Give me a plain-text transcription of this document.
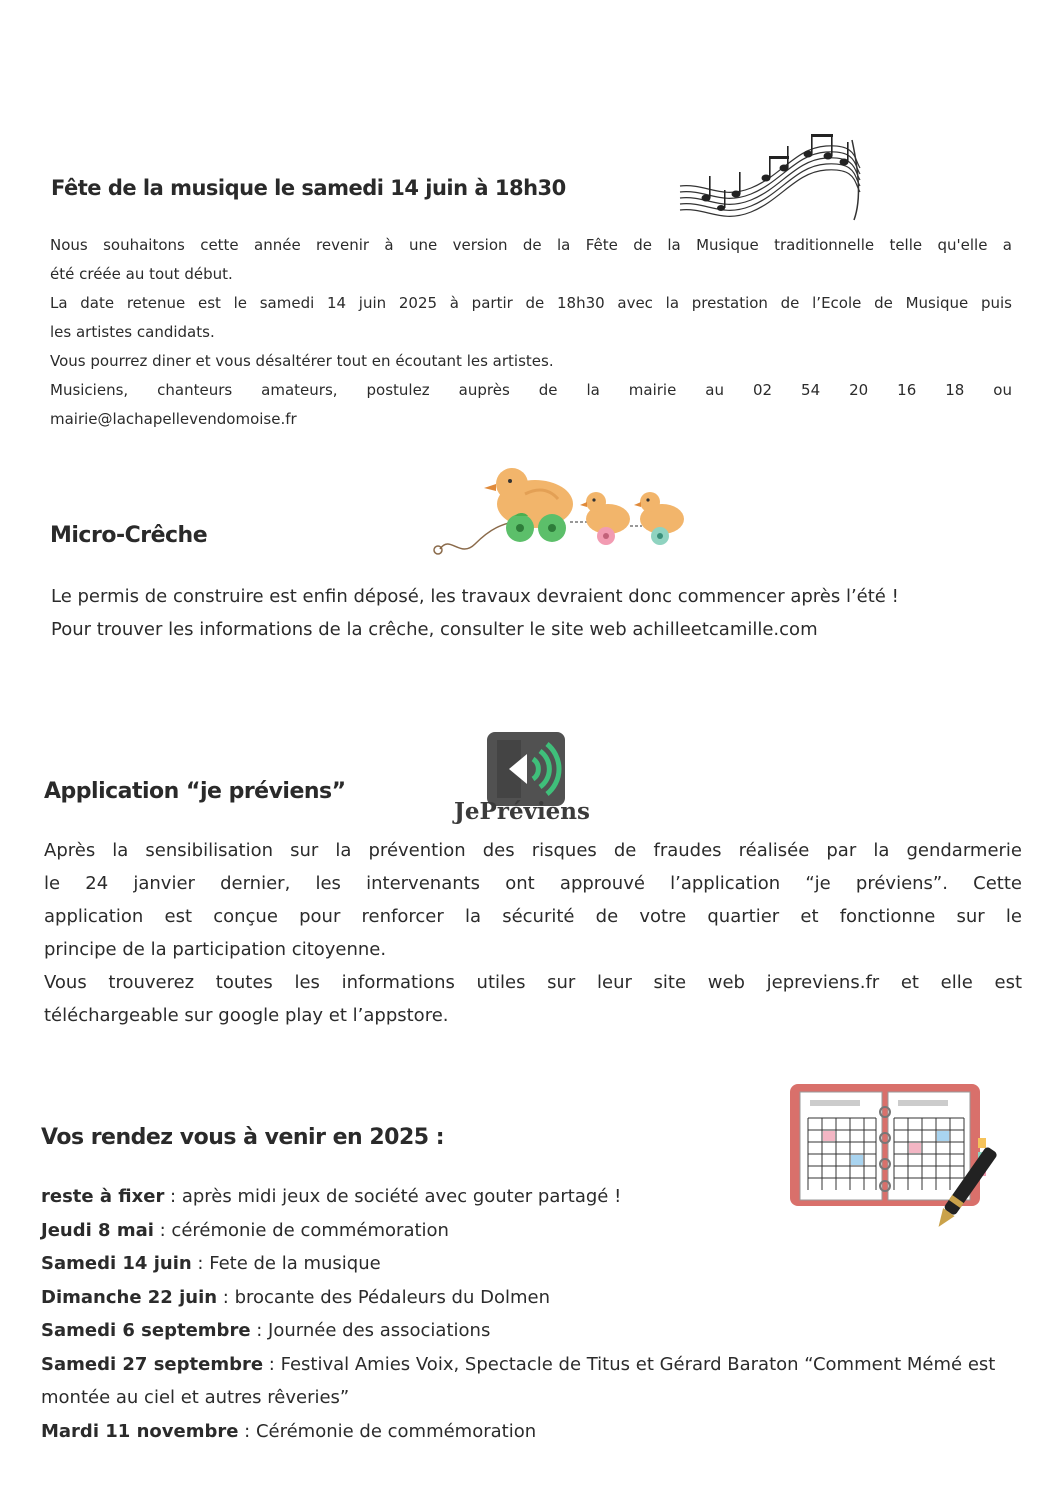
Fête de la musique le samedi 14 juin à 18h30
Nous souhaitons cette année revenir à une version de la Fête de la Musique traditionnelle telle qu'elle a
été créée au tout début.
La date retenue est le samedi 14 juin 2025 à partir de 18h30 avec la prestation de l’Ecole de Musique puis
les artistes candidats.
Vous pourrez diner et vous désaltérer tout en écoutant les artistes.
Musiciens, chanteurs amateurs, postulez auprès de la mairie au 02 54 20 16 18 ou
mairie@lachapellevendomoise.fr
Micro-Crêche

Le permis de construire est enfin déposé, les travaux devraient donc commencer après l’été !

Pour trouver les informations de la crêche, consulter le site web achilleetcamille.com

JePréviens
Application “je préviens”
Après la sensibilisation sur la prévention des risques de fraudes réalisée par la gendarmerie
le 24 janvier dernier, les intervenants ont approuvé l’application “je préviens”. Cette
application est conçue pour renforcer la sécurité de votre quartier et fonctionne sur le
principe de la participation citoyenne.
Vous trouverez toutes les informations utiles sur leur site web jepreviens.fr et elle est
téléchargeable sur google play et l’appstore.
Vos rendez vous à venir en 2025 :
reste à fixer : après midi jeux de société avec gouter partagé !
Jeudi 8 mai : cérémonie de commémoration
Samedi 14 juin : Fete de la musique
Dimanche 22 juin : brocante des Pédaleurs du Dolmen
Samedi 6 septembre : Journée des associations
Samedi 27 septembre : Festival Amies Voix, Spectacle de Titus et Gérard Baraton “Comment Mémé est montée au ciel et autres rêveries”
Mardi 11 novembre : Cérémonie de commémoration
